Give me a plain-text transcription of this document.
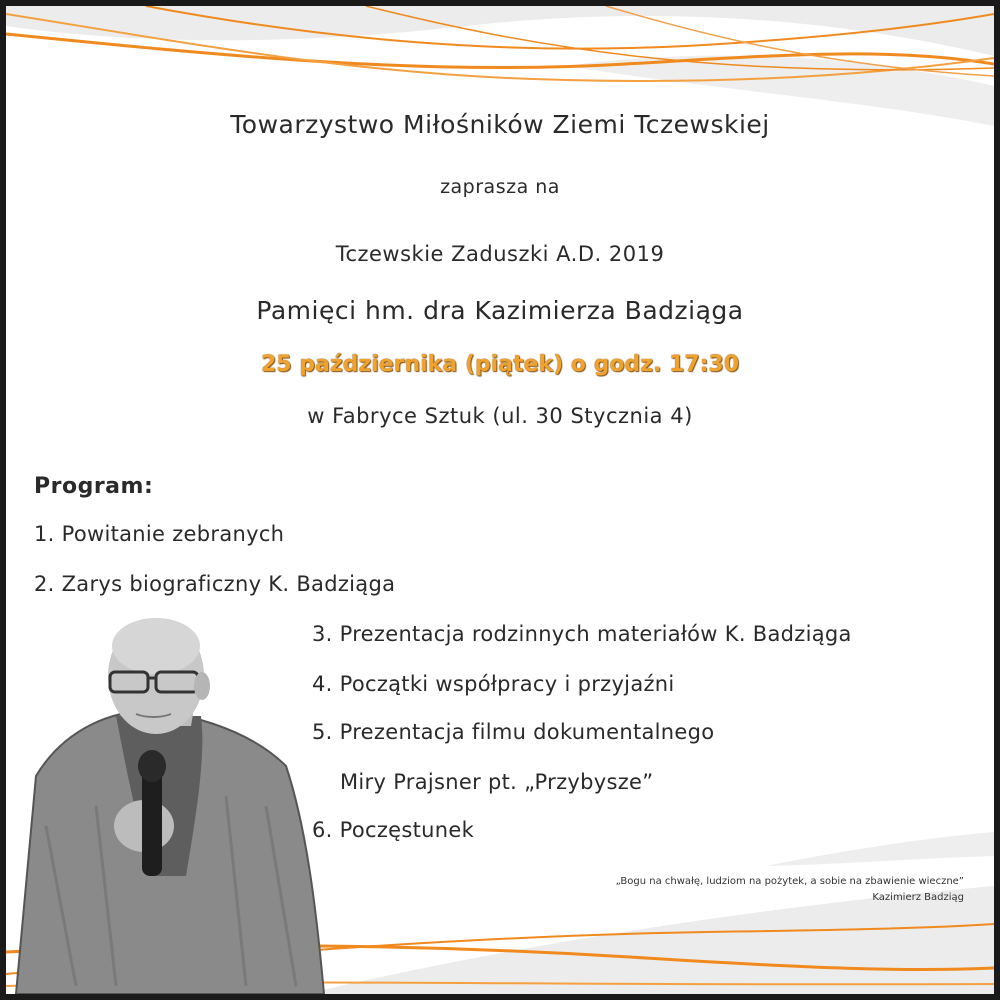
Towarzystwo Miłośników Ziemi Tczewskiej
zaprasza na
Tczewskie Zaduszki A.D. 2019
Pamięci hm. dra Kazimierza Badziąga
25 października (piątek) o godz. 17:30
w Fabryce Sztuk (ul. 30 Stycznia 4)
Program:
1. Powitanie zebranych
2. Zarys biograficzny K. Badziąga
3. Prezentacja rodzinnych materiałów K. Badziąga
4. Początki współpracy i przyjaźni
5. Prezentacja filmu dokumentalnego
Miry Prajsner pt. „Przybysze”
6. Poczęstunek
„Bogu na chwałę, ludziom na pożytek, a sobie na zbawienie wieczne”
Kazimierz Badziąg
